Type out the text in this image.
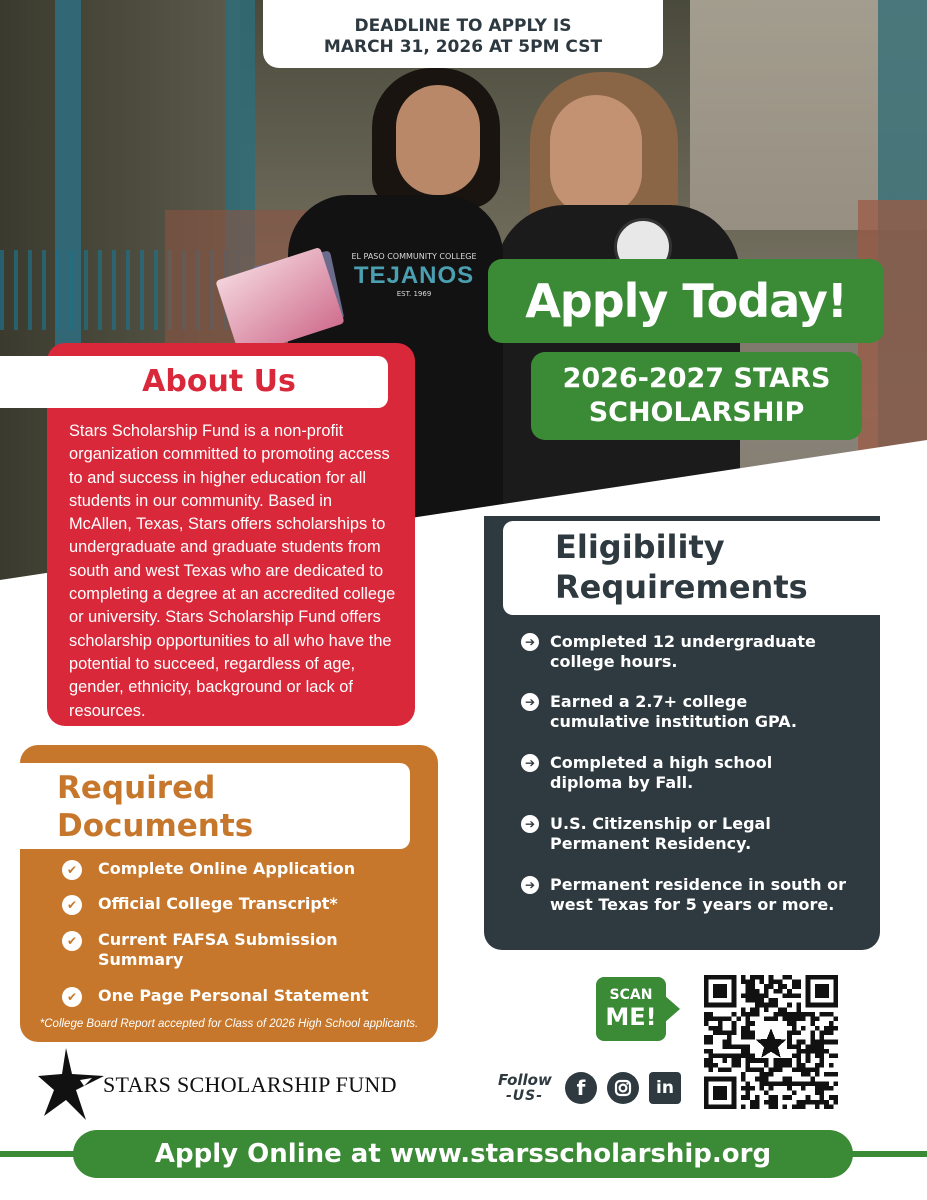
EL PASO COMMUNITY COLLEGE
TEJANOS
EST. 1969
DEADLINE TO APPLY IS
MARCH 31, 2026 AT 5PM CST
Apply Today!
2026-2027 STARS
SCHOLARSHIP
About Us
Stars Scholarship Fund is a non-profit organization committed to promoting access to and success in higher education for all students in our community. Based in McAllen, Texas, Stars offers scholarships to undergraduate and graduate students from south and west Texas who are dedicated to completing a degree at an accredited college or university. Stars Scholarship Fund offers scholarship opportunities to all who have the potential to succeed, regardless of age, gender, ethnicity, background or lack of resources.
Eligibility
Requirements
➔ Completed 12 undergraduate college hours.
➔ Earned a 2.7+ college cumulative institution GPA.
➔ Completed a high school diploma by Fall.
➔ U.S. Citizenship or Legal Permanent Residency.
➔ Permanent residence in south or west Texas for 5 years or more.
Required
Documents
✔	Complete Online Application
✔	Official College Transcript*
✔	Current FAFSA Submission Summary
✔	One Page Personal Statement
*College Board Report accepted for Class of 2026 High School applicants.
STARS SCHOLARSHIP FUND
SCAN
ME!
Follow
-US-	f	in
Apply Online at www.starsscholarship.org
